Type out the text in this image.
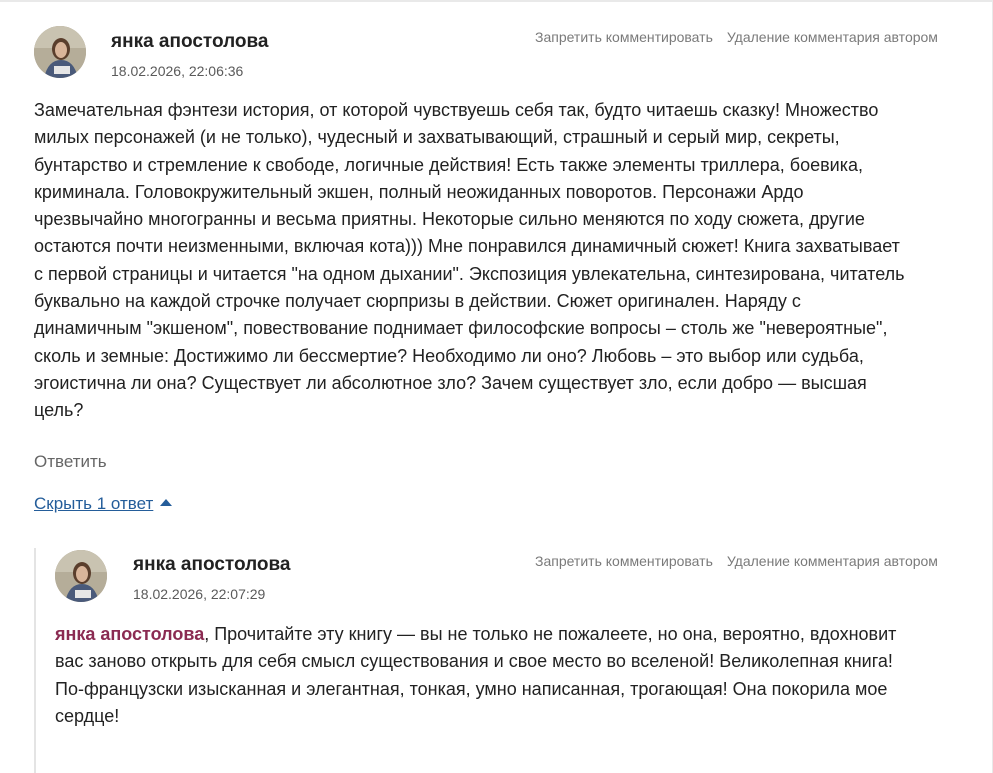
янка апостолова
18.02.2026, 22:06:36
Запретить комментировать Удаление комментария автором
Замечательная фэнтези история, от которой чувствуешь себя так, будто читаешь сказку! Множество
милых персонажей (и не только), чудесный и захватывающий, страшный и серый мир, секреты,
бунтарство и стремление к свободе, логичные действия! Есть также элементы триллера, боевика,
криминала. Головокружительный экшен, полный неожиданных поворотов. Персонажи Ардо
чрезвычайно многогранны и весьма приятны. Некоторые сильно меняются по ходу сюжета, другие
остаются почти неизменными, включая кота))) Мне понравился динамичный сюжет! Книга захватывает
с первой страницы и читается "на одном дыхании". Экспозиция увлекательна, синтезирована, читатель
буквально на каждой строчке получает сюрпризы в действии. Сюжет оригинален. Наряду с
динамичным "экшеном", повествование поднимает философские вопросы – столь же "невероятные",
сколь и земные: Достижимо ли бессмертие? Необходимо ли оно? Любовь – это выбор или судьба,
эгоистична ли она? Существует ли абсолютное зло? Зачем существует зло, если добро — высшая
цель?
Ответить
Скрыть 1 ответ
янка апостолова
18.02.2026, 22:07:29
Запретить комментировать Удаление комментария автором
янка апостолова, Прочитайте эту книгу — вы не только не пожалеете, но она, вероятно, вдохновит
вас заново открыть для себя смысл существования и свое место во вселеной! Великолепная книга!
По-французски изысканная и элегантная, тонкая, умно написанная, трогающая! Она покорила мое
сердце!
